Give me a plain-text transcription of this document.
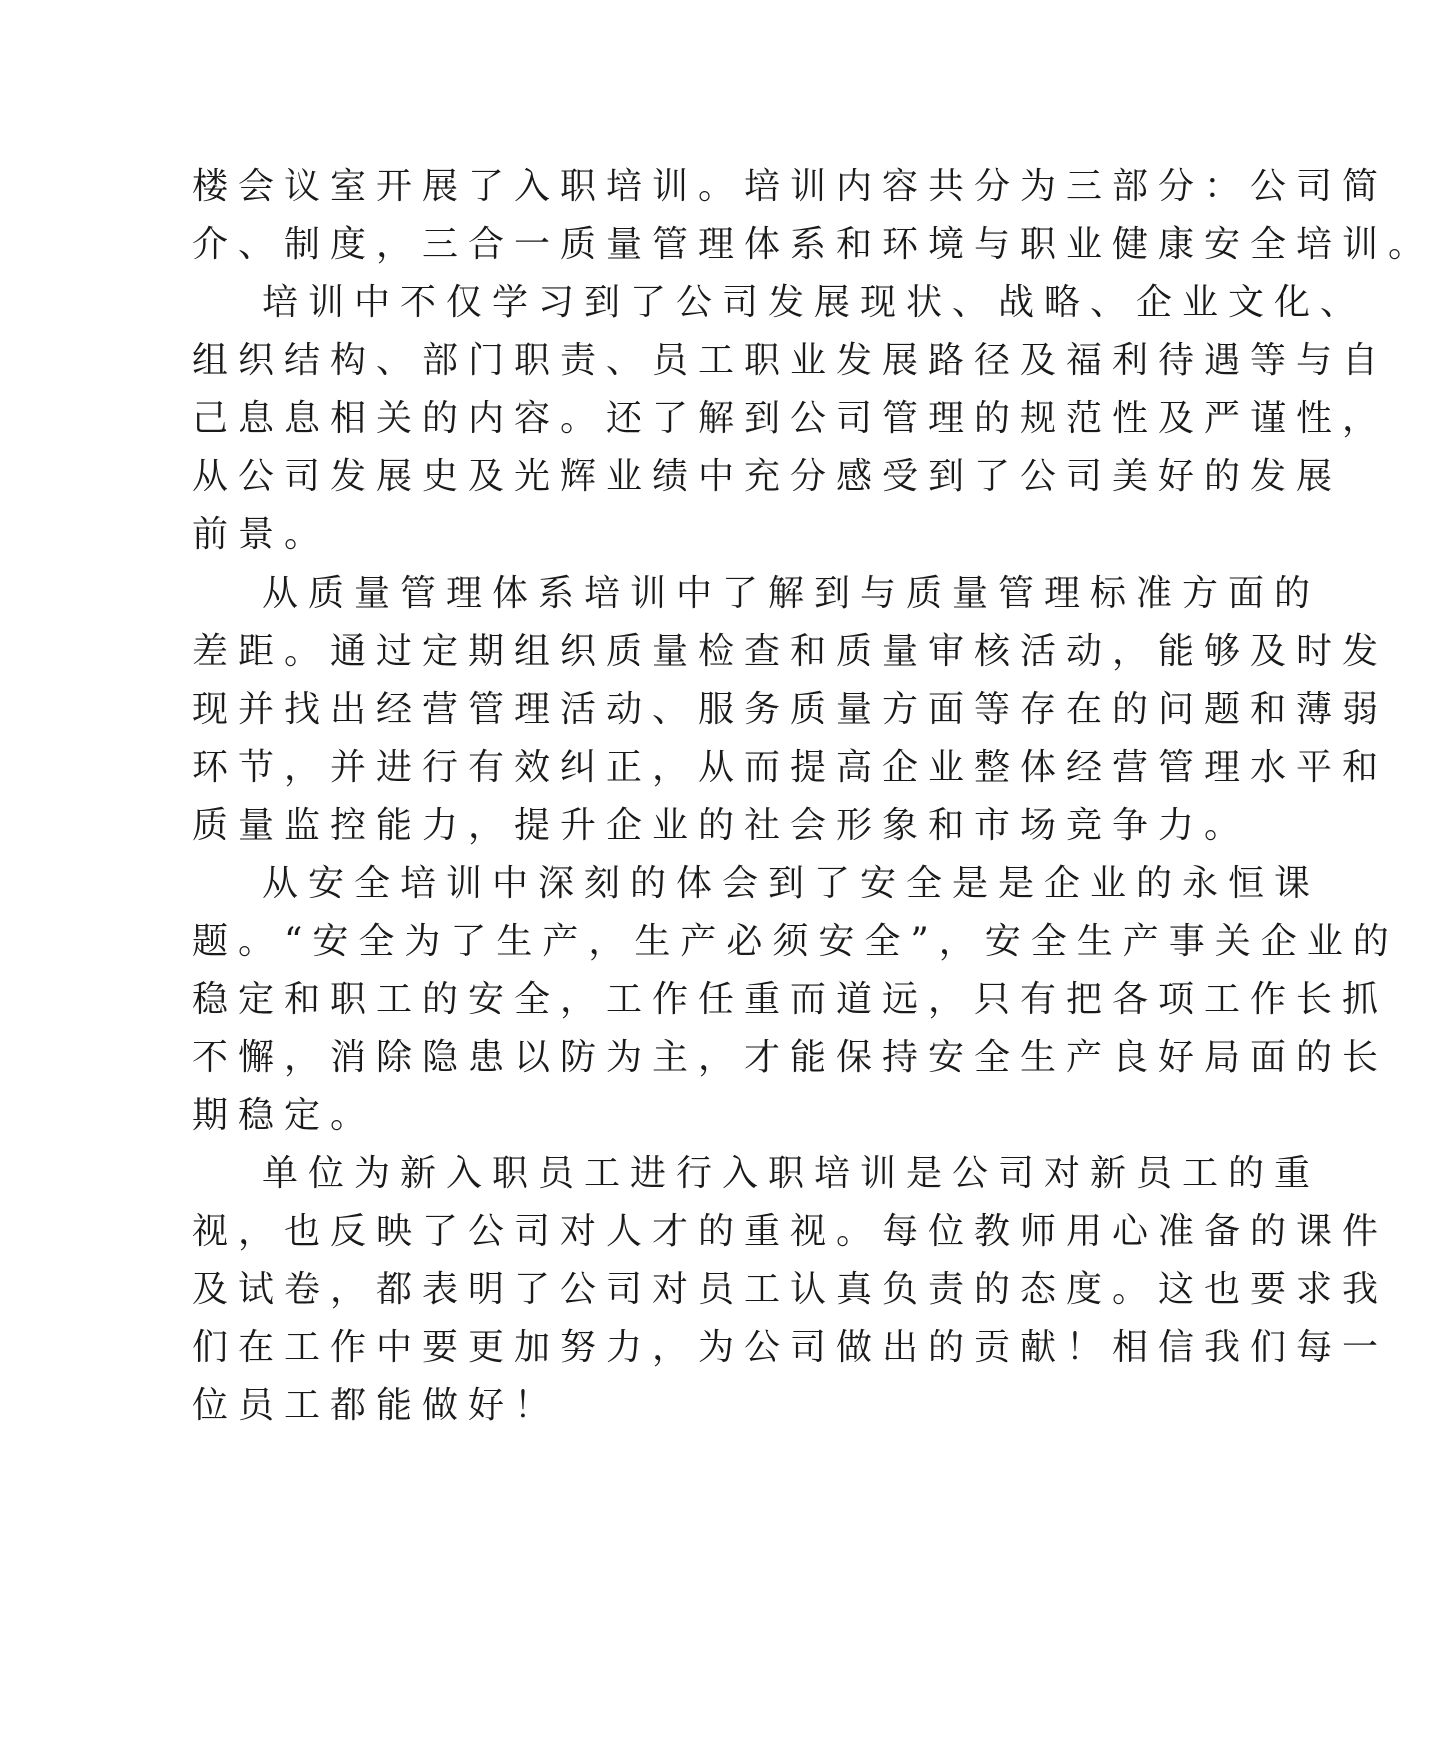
楼会议室开展了入职培训。培训内容共分为三部分：公司简

介、制度，三合一质量管理体系和环境与职业健康安全培训。

培训中不仅学习到了公司发展现状、战略、企业文化、

组织结构、部门职责、员工职业发展路径及福利待遇等与自

己息息相关的内容。还了解到公司管理的规范性及严谨性，

从公司发展史及光辉业绩中充分感受到了公司美好的发展

前景。

从质量管理体系培训中了解到与质量管理标准方面的

差距。通过定期组织质量检查和质量审核活动，能够及时发

现并找出经营管理活动、服务质量方面等存在的问题和薄弱

环节，并进行有效纠正，从而提高企业整体经营管理水平和

质量监控能力，提升企业的社会形象和市场竞争力。

从安全培训中深刻的体会到了安全是是企业的永恒课

题。“安全为了生产，生产必须安全”，安全生产事关企业的

稳定和职工的安全，工作任重而道远，只有把各项工作长抓

不懈，消除隐患以防为主，才能保持安全生产良好局面的长

期稳定。

单位为新入职员工进行入职培训是公司对新员工的重

视，也反映了公司对人才的重视。每位教师用心准备的课件

及试卷，都表明了公司对员工认真负责的态度。这也要求我

们在工作中要更加努力，为公司做出的贡献！相信我们每一

位员工都能做好！
